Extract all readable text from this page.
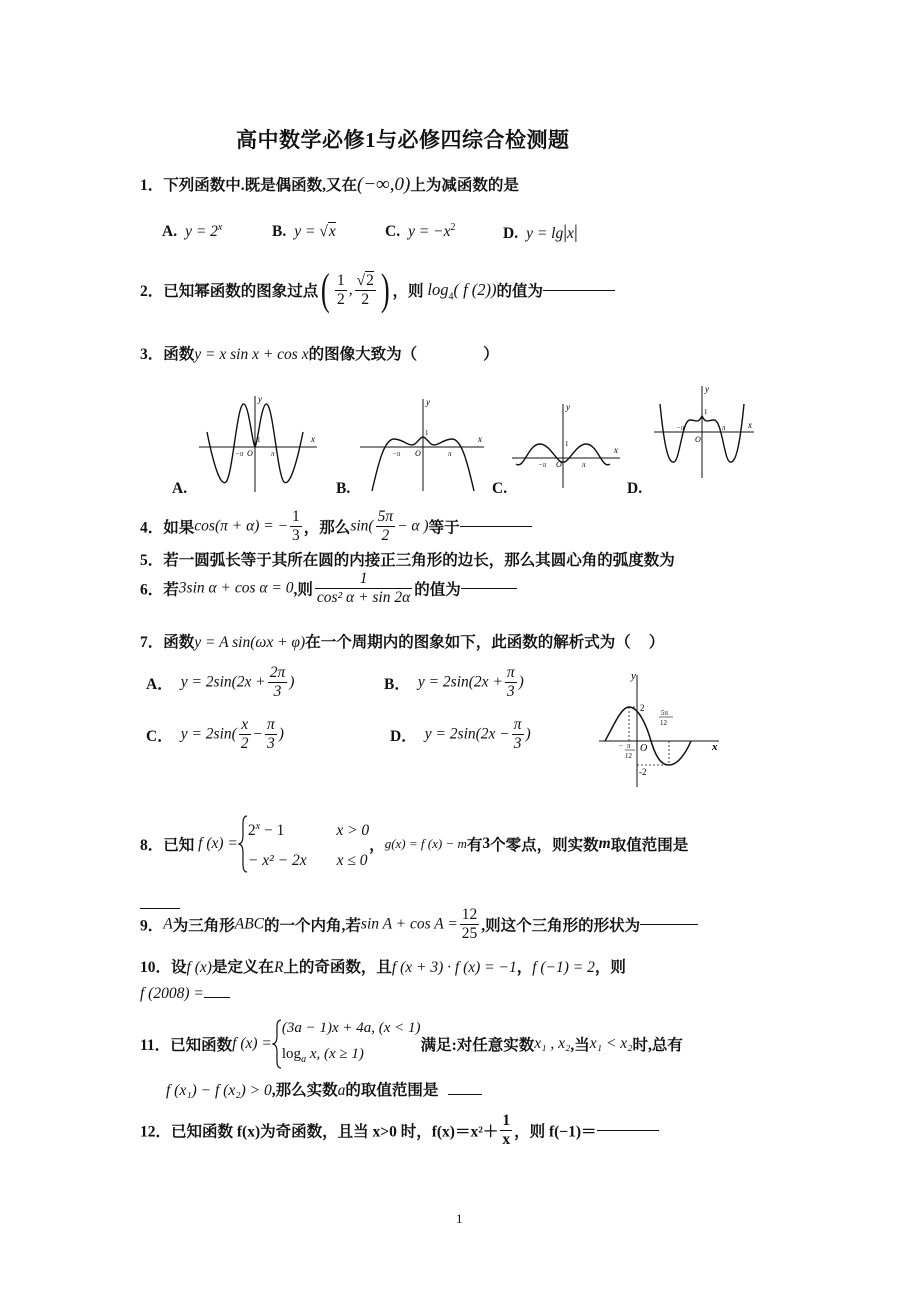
高中数学必修1与必修四综合检测题
1．下列函数中.既是偶函数,又在(−∞,0)上为减函数的是
A. $y = 2^x$	B. y = √x	C. $y = -x^2$	D. y = lg|x|
2．已知幂函数的图象过点( $\frac{1}{2}$ , $\frac{√2}{2}$ ) ，则 $\log_4$( f (2))的值为
3．函数y = x sin x + cos x的图像大致为（	）
y
x
−π	π
O
1
y
x
−π	π
O
1
y
x
−π	π
O
1
y
x
−π	π
O
1
A.	B.	C.	D.
4．如果cos(π + α) = − $\frac{1}{3}$ ，那么$\sin( \frac{5\pi}{2} - \alpha$ )等于
5．若一圆弧长等于其所在圆的内接正三角形的边长，那么其圆心角的弧度数为
6．若3sin α + cos α = 0,则 $\frac{1}{\text{cos² α + sin 2α}}$ 的值为
7．函数y = A sin(ωx + φ)在一个周期内的图象如下，此函数的解析式为（ ）
A． $y = 2\sin(2x + \frac{2\pi}{3}$ )	B． $y = 2\sin(2x + \frac{\pi}{3}$ )
C． $y = 2\sin( \frac{x}{2} - \frac{\pi}{3}$ )	D． $y = 2\sin(2x - \frac{\pi}{3}$ )
y
x
O
2
-2
π
−
12
5π
12
8．已知 f (x) =
$2^x - 1$	x > 0
− x² − 2x x ≤ 0
，g(x) = f (x) − m有3个零点，则实数m取值范围是
9．A为三角形ABC的一个内角,若$\sin A + \cos A = \frac{12}{25}$ ,则这个三角形的形状为
10．设f (x)是定义在R上的奇函数，且f (x + 3) · f (x) = −1，f (−1) = 2，则
f (2008) =
11．已知函数f (x) =
(3a − 1)x + 4a, (x < 1)
$\log_a x$, (x ≥ 1)	满足:对任意实数x₁ , x₂,当x₁ < x₂时,总有
f (x₁) − f (x₂) > 0,那么实数a的取值范围是
12．已知函数 f(x)为奇函数，且当 x>0 时，$f(x)=x^2+ \frac{1}{x}$ ，则 f(−1)＝
1
